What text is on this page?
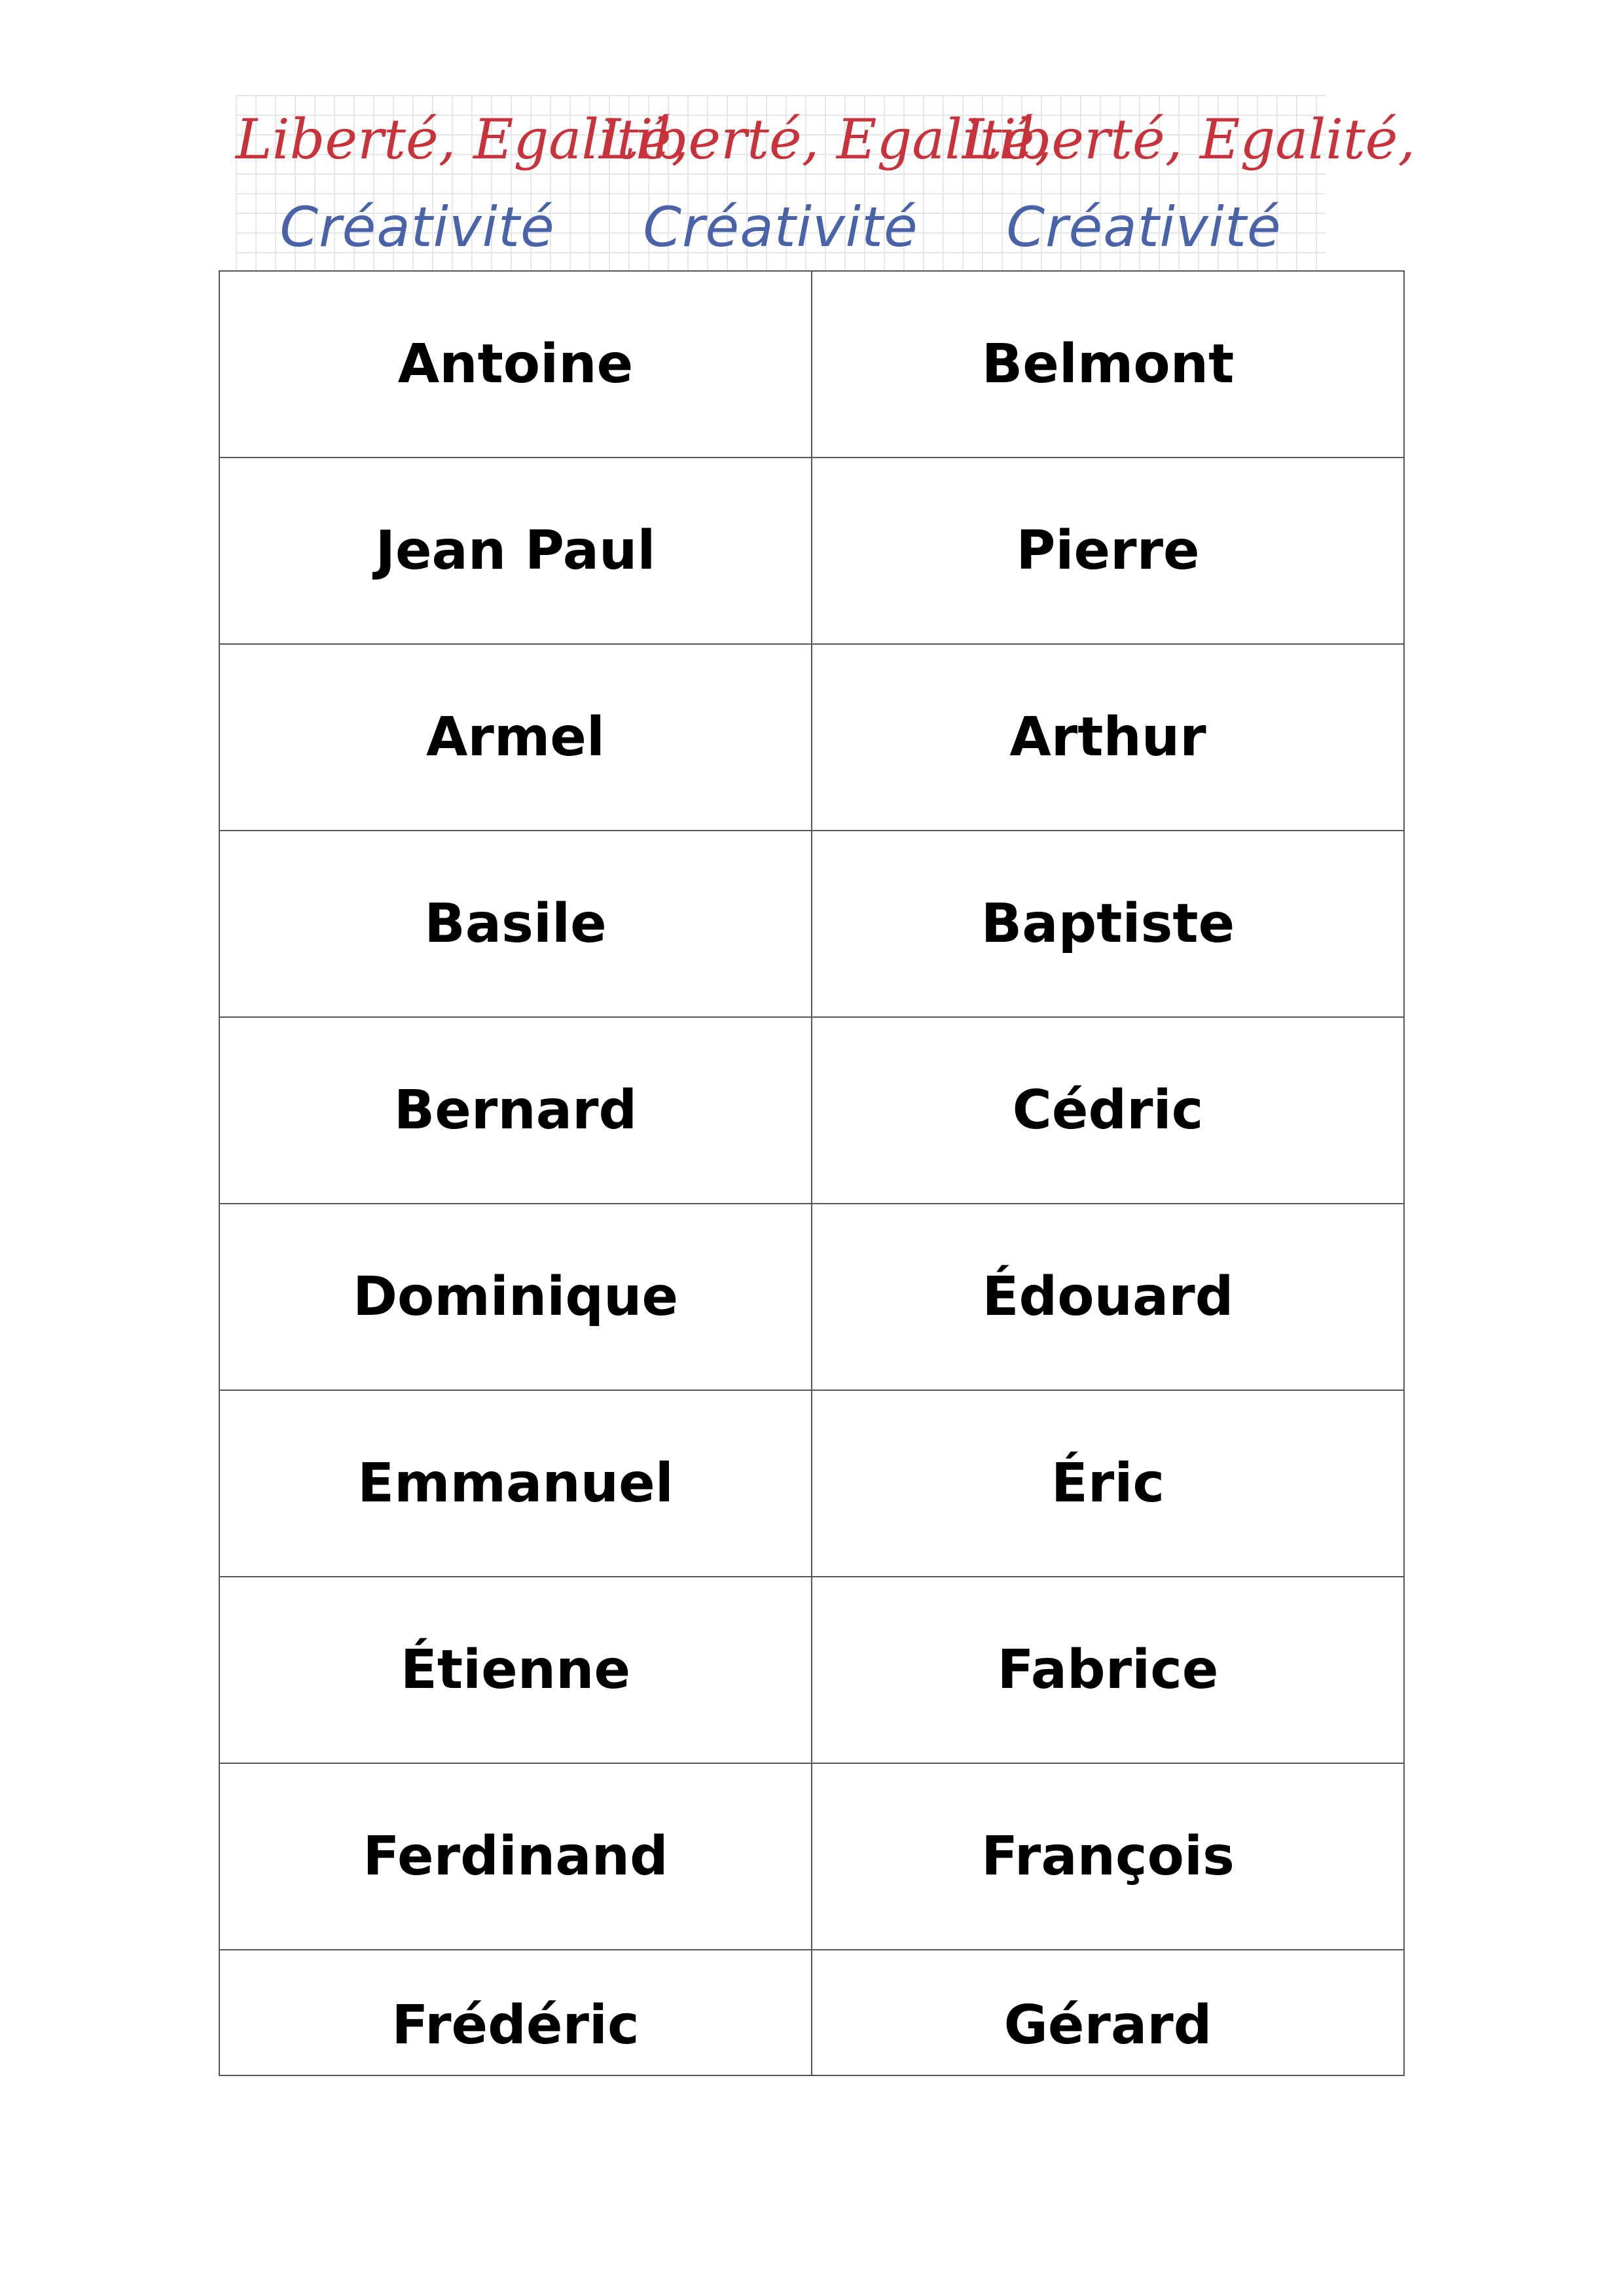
Liberté, Egalité,
Liberté, Egalité,
Liberté, Egalité,
Créativité	Créativité	Créativité
Antoine	Belmont
Jean Paul	Pierre
Armel	Arthur
Basile	Baptiste
Bernard	Cédric
Dominique	Édouard
Emmanuel	Éric
Étienne	Fabrice
Ferdinand	François
Frédéric	Gérard
